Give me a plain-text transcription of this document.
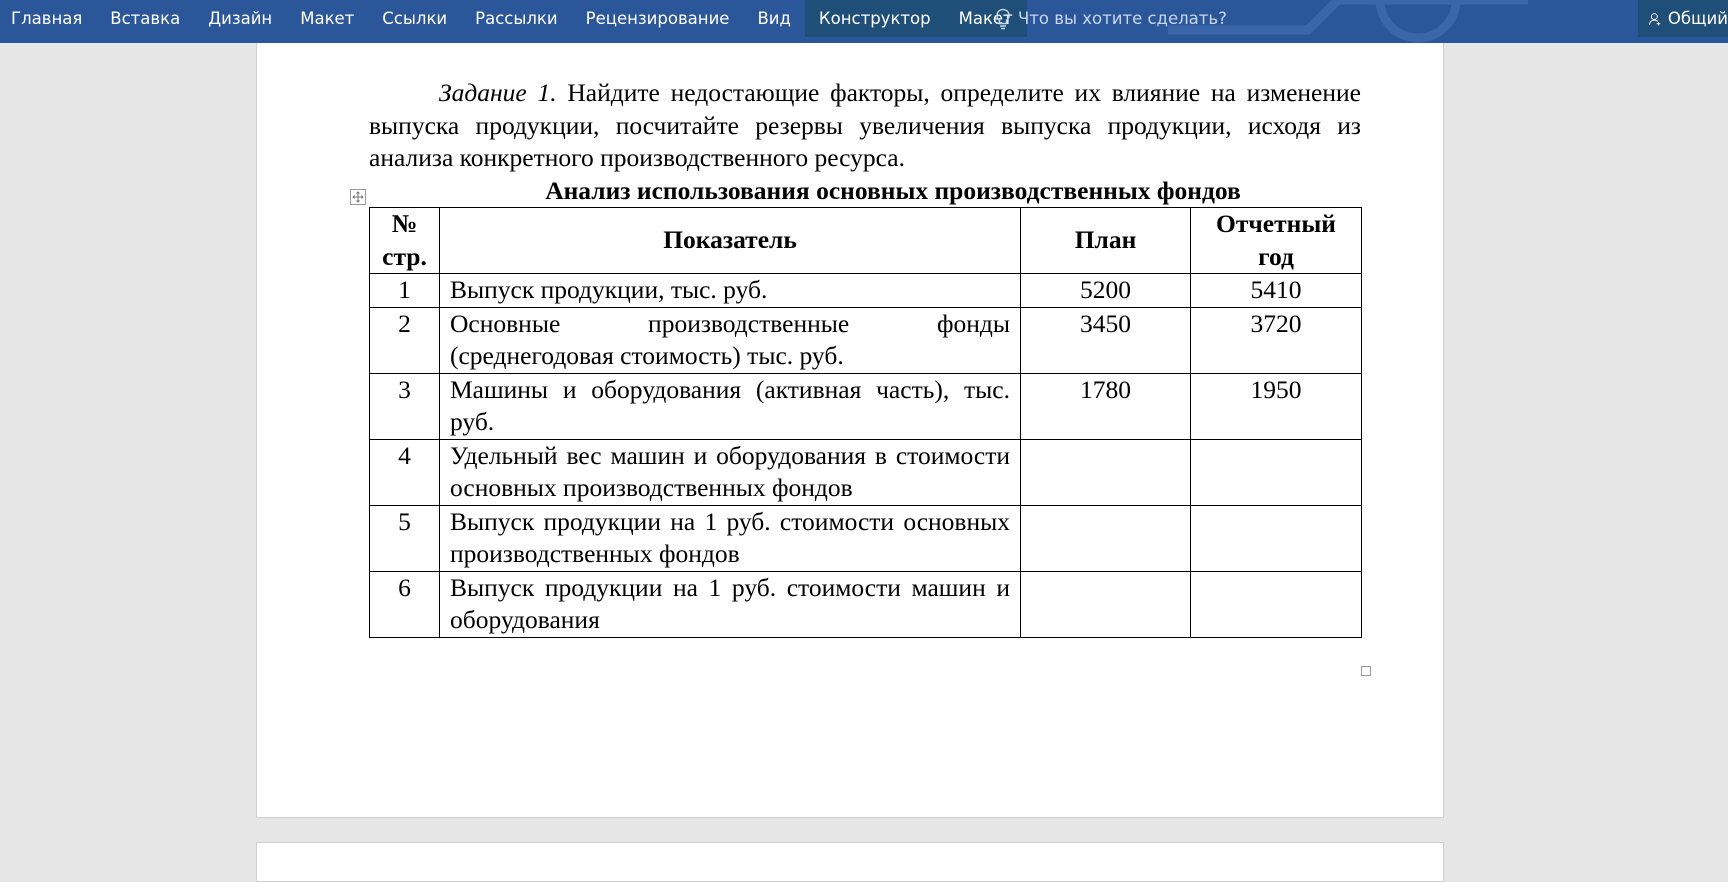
Главная	Вставка	Дизайн	Макет	Ссылки	Рассылки	Рецензирование	Вид	Конструктор	Макет Что вы хотите сделать?	Общий

Задание 1. Найдите недостающие факторы, определите их влияние на изменение выпуска продукции, посчитайте резервы увеличения выпуска продукции, исходя из анализа конкретного производственного ресурса.

Анализ использования основных производственных фондов

№ стр.	Показатель	План	Отчетный год
1	Выпуск продукции, тыс. руб.	5200	5410
2	Основные производственные фонды (среднегодовая стоимость) тыс. руб.	3450	3720
3	Машины и оборудования (активная часть), тыс. руб.	1780	1950
4	Удельный вес машин и оборудования в стоимости основных производственных фондов		
5	Выпуск продукции на 1 руб. стоимости основных производственных фондов		
6	Выпуск продукции на 1 руб. стоимости машин и оборудования		
